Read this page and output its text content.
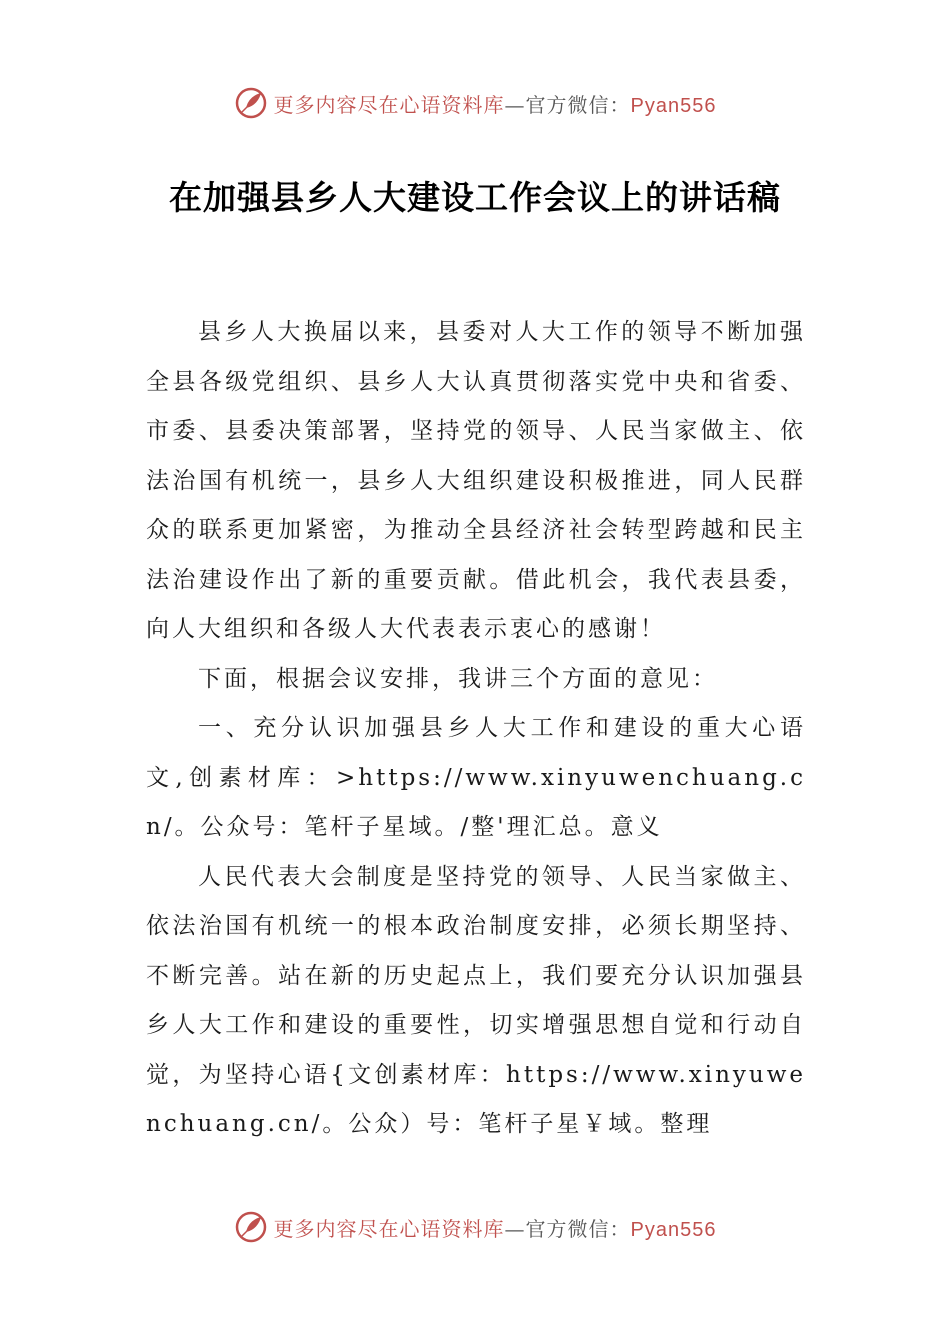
更多内容尽在心语资料库—官方微信：Pyan556
在加强县乡人大建设工作会议上的讲话稿

县乡人大换届以来，县委对人大工作的领导不断加强全县各级党组织、县乡人大认真贯彻落实党中央和省委、市委、县委决策部署，坚持党的领导、人民当家做主、依法治国有机统一，县乡人大组织建设积极推进，同人民群众的联系更加紧密，为推动全县经济社会转型跨越和民主法治建设作出了新的重要贡献。借此机会，我代表县委，向人大组织和各级人大代表表示衷心的感谢！

下面，根据会议安排，我讲三个方面的意见：

一、充分认识加强县乡人大工作和建设的重大心语文,创素材库：>https://www.xinyuwenchuang.cn/。公众号：笔杆子星域。/整'理汇总。意义

人民代表大会制度是坚持党的领导、人民当家做主、依法治国有机统一的根本政治制度安排，必须长期坚持、不断完善。站在新的历史起点上，我们要充分认识加强县乡人大工作和建设的重要性，切实增强思想自觉和行动自觉，为坚持心语{文创素材库：https://www.xinyuwenchuang.cn/。公众）号：笔杆子星￥域。整理

更多内容尽在心语资料库—官方微信：Pyan556
